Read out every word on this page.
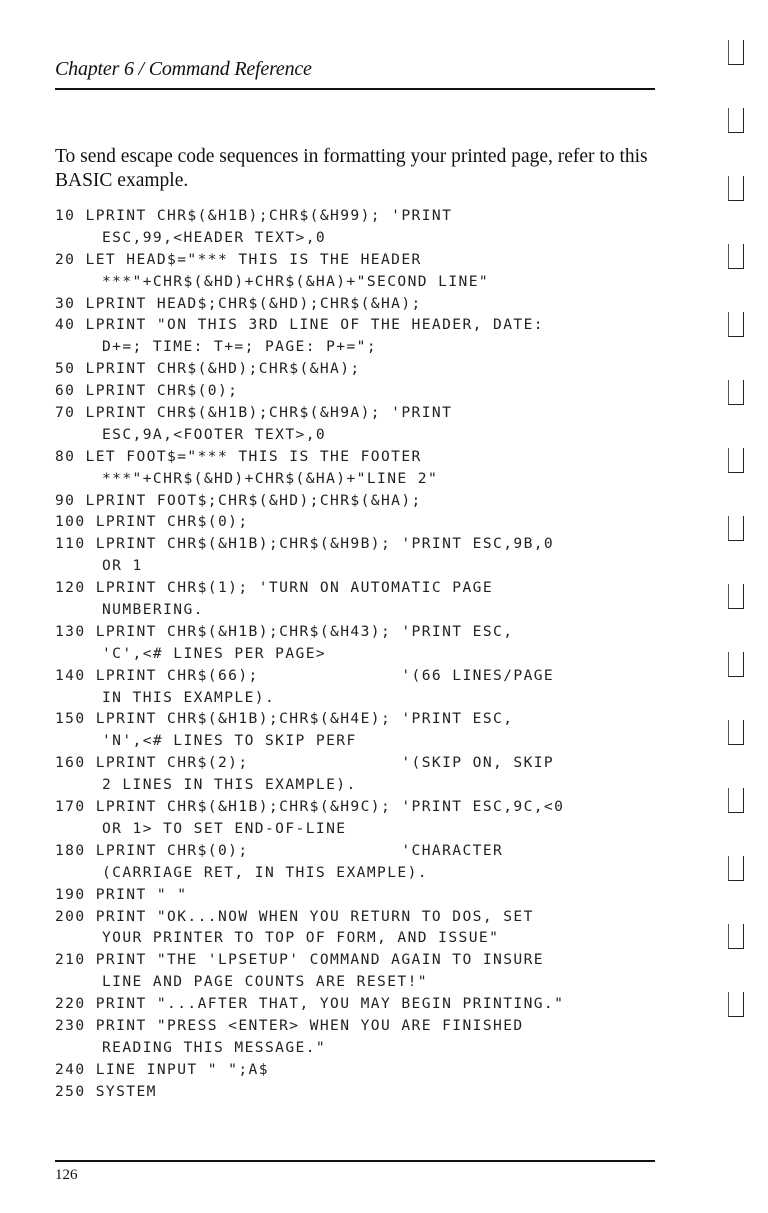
Chapter 6 / Command Reference
To send escape code sequences in formatting your printed page, refer to this BASIC example.
10 LPRINT CHR$(&H1B);CHR$(&H99); 'PRINT
ESC,99,<HEADER TEXT>,0
20 LET HEAD$="*** THIS IS THE HEADER
***"+CHR$(&HD)+CHR$(&HA)+"SECOND LINE"
30 LPRINT HEAD$;CHR$(&HD);CHR$(&HA);
40 LPRINT "ON THIS 3RD LINE OF THE HEADER, DATE:
D+=; TIME: T+=; PAGE: P+=";
50 LPRINT CHR$(&HD);CHR$(&HA);
60 LPRINT CHR$(0);
70 LPRINT CHR$(&H1B);CHR$(&H9A); 'PRINT
ESC,9A,<FOOTER TEXT>,0
80 LET FOOT$="*** THIS IS THE FOOTER
***"+CHR$(&HD)+CHR$(&HA)+"LINE 2"
90 LPRINT FOOT$;CHR$(&HD);CHR$(&HA);
100 LPRINT CHR$(0);
110 LPRINT CHR$(&H1B);CHR$(&H9B); 'PRINT ESC,9B,0
OR 1
120 LPRINT CHR$(1); 'TURN ON AUTOMATIC PAGE
NUMBERING.
130 LPRINT CHR$(&H1B);CHR$(&H43); 'PRINT ESC,
'C',<# LINES PER PAGE>
140 LPRINT CHR$(66);              '(66 LINES/PAGE
IN THIS EXAMPLE).
150 LPRINT CHR$(&H1B);CHR$(&H4E); 'PRINT ESC,
'N',<# LINES TO SKIP PERF
160 LPRINT CHR$(2);               '(SKIP ON, SKIP
2 LINES IN THIS EXAMPLE).
170 LPRINT CHR$(&H1B);CHR$(&H9C); 'PRINT ESC,9C,<0
OR 1> TO SET END-OF-LINE
180 LPRINT CHR$(0);               'CHARACTER
(CARRIAGE RET, IN THIS EXAMPLE).
190 PRINT " "
200 PRINT "OK...NOW WHEN YOU RETURN TO DOS, SET
YOUR PRINTER TO TOP OF FORM, AND ISSUE"
210 PRINT "THE 'LPSETUP' COMMAND AGAIN TO INSURE
LINE AND PAGE COUNTS ARE RESET!"
220 PRINT "...AFTER THAT, YOU MAY BEGIN PRINTING."
230 PRINT "PRESS <ENTER> WHEN YOU ARE FINISHED
READING THIS MESSAGE."
240 LINE INPUT " ";A$
250 SYSTEM
126
